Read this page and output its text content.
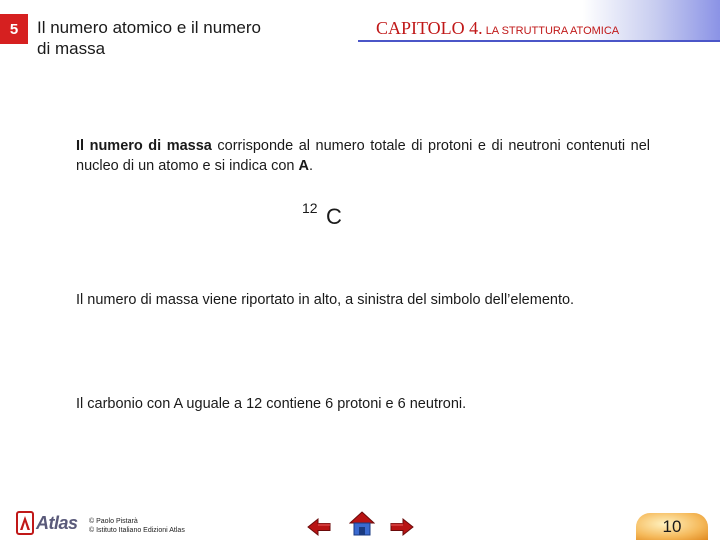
5	Il numero atomico e il numero di massa
CAPITOLO 4. LA STRUTTURA ATOMICA
Il numero di massa corrisponde al numero totale di protoni e di neutroni contenuti nel nucleo di un atomo e si indica con A.
12 C
Il numero di massa viene riportato in alto, a sinistra del simbolo dell’elemento.
Il carbonio con A uguale a 12 contiene 6 protoni e 6 neutroni.
Atlas © Paolo Pistarà
© Istituto Italiano Edizioni Atlas	10
